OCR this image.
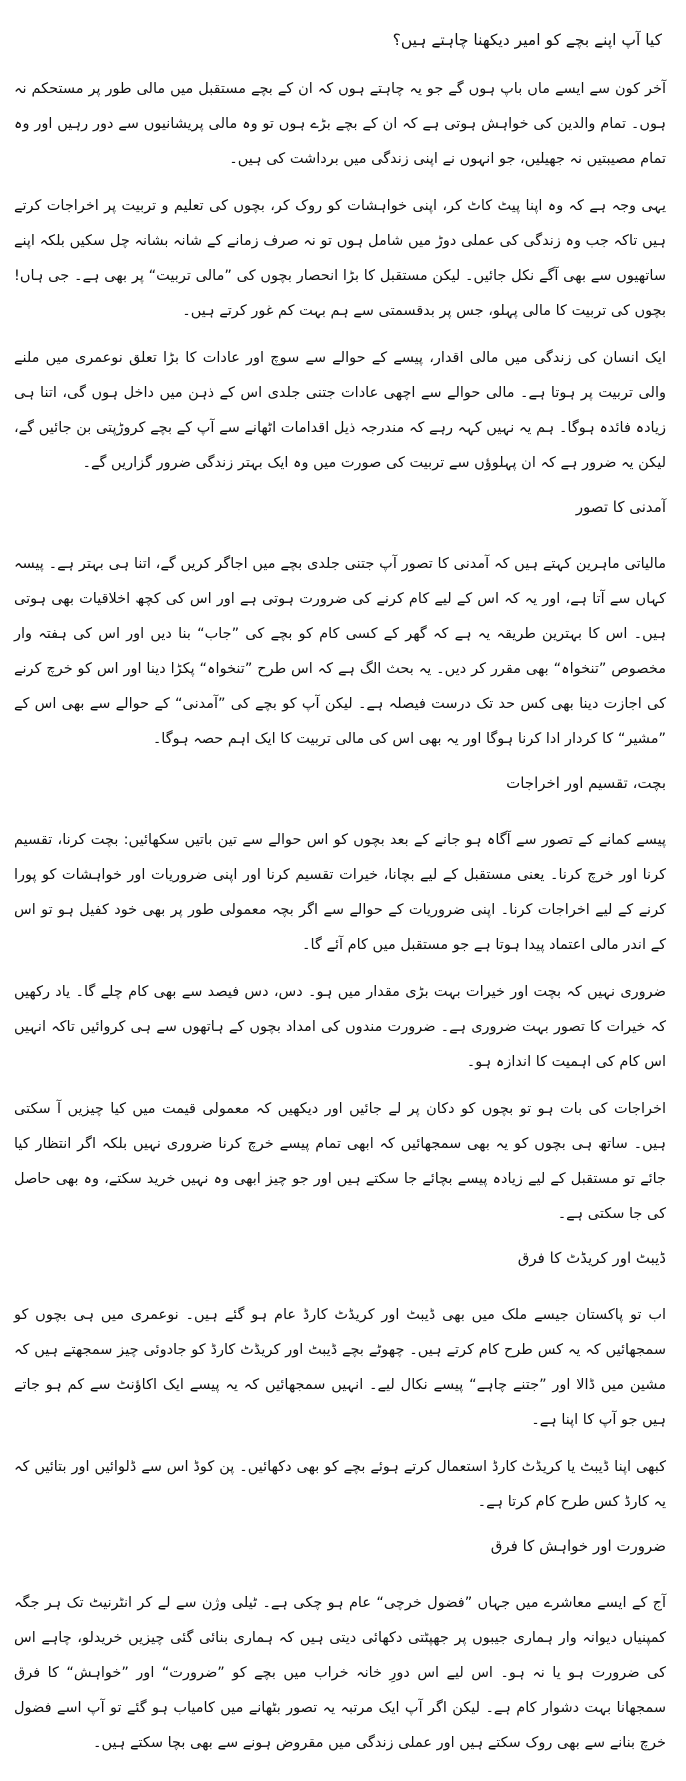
کیا آپ اپنے بچے کو امیر دیکھنا چاہتے ہیں؟

آخر کون سے ایسے ماں باپ ہوں گے جو یہ چاہتے ہوں کہ ان کے بچے مستقبل میں مالی طور پر مستحکم نہ ہوں۔ تمام والدین کی خواہش ہوتی ہے کہ ان کے بچے بڑے ہوں تو وہ مالی پریشانیوں سے دور رہیں اور وہ تمام مصیبتیں نہ جھیلیں، جو انہوں نے اپنی زندگی میں برداشت کی ہیں۔

یہی وجہ ہے کہ وہ اپنا پیٹ کاٹ کر، اپنی خواہشات کو روک کر، بچوں کی تعلیم و تربیت پر اخراجات کرتے ہیں تاکہ جب وہ زندگی کی عملی دوڑ میں شامل ہوں تو نہ صرف زمانے کے شانہ بشانہ چل سکیں بلکہ اپنے ساتھیوں سے بھی آگے نکل جائیں۔ لیکن مستقبل کا بڑا انحصار بچوں کی ”مالی تربیت“ پر بھی ہے۔ جی ہاں! بچوں کی تربیت کا مالی پہلو، جس پر بدقسمتی سے ہم بہت کم غور کرتے ہیں۔

ایک انسان کی زندگی میں مالی اقدار، پیسے کے حوالے سے سوچ اور عادات کا بڑا تعلق نوعمری میں ملنے والی تربیت پر ہوتا ہے۔ مالی حوالے سے اچھی عادات جتنی جلدی اس کے ذہن میں داخل ہوں گی، اتنا ہی زیادہ فائدہ ہوگا۔ ہم یہ نہیں کہہ رہے کہ مندرجہ ذیل اقدامات اٹھانے سے آپ کے بچے کروڑپتی بن جائیں گے، لیکن یہ ضرور ہے کہ ان پہلوؤں سے تربیت کی صورت میں وہ ایک بہتر زندگی ضرور گزاریں گے۔

آمدنی کا تصور

مالیاتی ماہرین کہتے ہیں کہ آمدنی کا تصور آپ جتنی جلدی بچے میں اجاگر کریں گے، اتنا ہی بہتر ہے۔ پیسہ کہاں سے آتا ہے، اور یہ کہ اس کے لیے کام کرنے کی ضرورت ہوتی ہے اور اس کی کچھ اخلاقیات بھی ہوتی ہیں۔ اس کا بہترین طریقہ یہ ہے کہ گھر کے کسی کام کو بچے کی ”جاب“ بنا دیں اور اس کی ہفتہ وار مخصوص ”تنخواہ“ بھی مقرر کر دیں۔ یہ بحث الگ ہے کہ اس طرح ”تنخواہ“ پکڑا دینا اور اس کو خرچ کرنے کی اجازت دینا بھی کس حد تک درست فیصلہ ہے۔ لیکن آپ کو بچے کی ”آمدنی“ کے حوالے سے بھی اس کے ”مشیر“ کا کردار ادا کرنا ہوگا اور یہ بھی اس کی مالی تربیت کا ایک اہم حصہ ہوگا۔

بچت، تقسیم اور اخراجات

پیسے کمانے کے تصور سے آگاہ ہو جانے کے بعد بچوں کو اس حوالے سے تین باتیں سکھائیں: بچت کرنا، تقسیم کرنا اور خرچ کرنا۔ یعنی مستقبل کے لیے بچانا، خیرات تقسیم کرنا اور اپنی ضروریات اور خواہشات کو پورا کرنے کے لیے اخراجات کرنا۔ اپنی ضروریات کے حوالے سے اگر بچہ معمولی طور پر بھی خود کفیل ہو تو اس کے اندر مالی اعتماد پیدا ہوتا ہے جو مستقبل میں کام آئے گا۔

ضروری نہیں کہ بچت اور خیرات بہت بڑی مقدار میں ہو۔ دس، دس فیصد سے بھی کام چلے گا۔ یاد رکھیں کہ خیرات کا تصور بہت ضروری ہے۔ ضرورت مندوں کی امداد بچوں کے ہاتھوں سے ہی کروائیں تاکہ انہیں اس کام کی اہمیت کا اندازہ ہو۔

اخراجات کی بات ہو تو بچوں کو دکان پر لے جائیں اور دیکھیں کہ معمولی قیمت میں کیا چیزیں آ سکتی ہیں۔ ساتھ ہی بچوں کو یہ بھی سمجھائیں کہ ابھی تمام پیسے خرچ کرنا ضروری نہیں بلکہ اگر انتظار کیا جائے تو مستقبل کے لیے زیادہ پیسے بچائے جا سکتے ہیں اور جو چیز ابھی وہ نہیں خرید سکتے، وہ بھی حاصل کی جا سکتی ہے۔

ڈیبٹ اور کریڈٹ کا فرق

اب تو پاکستان جیسے ملک میں بھی ڈیبٹ اور کریڈٹ کارڈ عام ہو گئے ہیں۔ نوعمری میں ہی بچوں کو سمجھائیں کہ یہ کس طرح کام کرتے ہیں۔ چھوٹے بچے ڈیبٹ اور کریڈٹ کارڈ کو جادوئی چیز سمجھتے ہیں کہ مشین میں ڈالا اور ”جتنے چاہے“ پیسے نکال لیے۔ انہیں سمجھائیں کہ یہ پیسے ایک اکاؤنٹ سے کم ہو جاتے ہیں جو آپ کا اپنا ہے۔

کبھی اپنا ڈیبٹ یا کریڈٹ کارڈ استعمال کرتے ہوئے بچے کو بھی دکھائیں۔ پن کوڈ اس سے ڈلوائیں اور بتائیں کہ یہ کارڈ کس طرح کام کرتا ہے۔

ضرورت اور خواہش کا فرق

آج کے ایسے معاشرے میں جہاں ”فضول خرچی“ عام ہو چکی ہے۔ ٹیلی وژن سے لے کر انٹرنیٹ تک ہر جگہ کمپنیاں دیوانہ وار ہماری جیبوں پر جھپٹتی دکھائی دیتی ہیں کہ ہماری بنائی گئی چیزیں خریدلو، چاہے اس کی ضرورت ہو یا نہ ہو۔ اس لیے اس دورِ خانہ خراب میں بچے کو ”ضرورت“ اور ”خواہش“ کا فرق سمجھانا بہت دشوار کام ہے۔ لیکن اگر آپ ایک مرتبہ یہ تصور بٹھانے میں کامیاب ہو گئے تو آپ اسے فضول خرچ بنانے سے بھی روک سکتے ہیں اور عملی زندگی میں مقروض ہونے سے بھی بچا سکتے ہیں۔
